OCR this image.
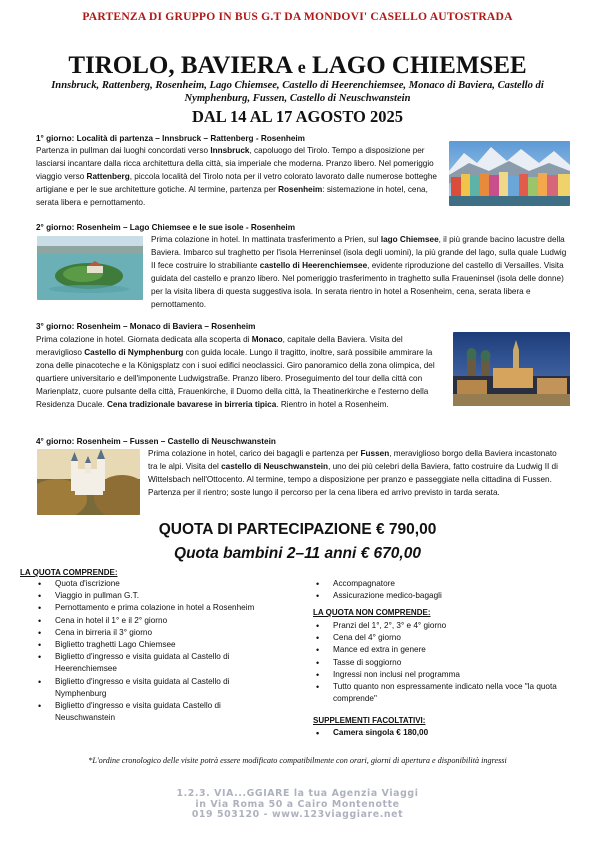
PARTENZA DI GRUPPO IN BUS G.T DA MONDOVI' CASELLO AUTOSTRADA
TIROLO, BAVIERA e LAGO CHIEMSEE
Innsbruck, Rattenberg, Rosenheim, Lago Chiemsee, Castello di Heerenchiemsee, Monaco di Baviera, Castello di Nymphenburg, Fussen, Castello di Neuschwanstein
DAL 14 AL 17 AGOSTO 2025
1° giorno: Località di partenza – Innsbruck – Rattenberg - Rosenheim
Partenza in pullman dai luoghi concordati verso Innsbruck, capoluogo del Tirolo. Tempo a disposizione per lasciarsi incantare dalla ricca architettura della città, sia imperiale che moderna. Pranzo libero. Nel pomeriggio viaggio verso Rattenberg, piccola località del Tirolo nota per il vetro colorato lavorato dalle numerose botteghe artigiane e per le sue architetture gotiche. Al termine, partenza per Rosenheim: sistemazione in hotel, cena, serata libera e pernottamento.
2° giorno: Rosenheim – Lago Chiemsee e le sue isole - Rosenheim
Prima colazione in hotel. In mattinata trasferimento a Prien, sul lago Chiemsee, il più grande bacino lacustre della Baviera. Imbarco sul traghetto per l'isola Herreninsel (isola degli uomini), la più grande del lago, sulla quale Ludwig II fece costruire lo strabiliante castello di Heerenchiemsee, evidente riproduzione del castello di Versailles. Visita guidata del castello e pranzo libero. Nel pomeriggio trasferimento in traghetto sulla Fraueninsel (isola delle donne) per la visita libera di questa suggestiva isola. In serata rientro in hotel a Rosenheim, cena, serata libera e pernottamento.
3° giorno: Rosenheim – Monaco di Baviera – Rosenheim
Prima colazione in hotel. Giornata dedicata alla scoperta di Monaco, capitale della Baviera. Visita del meraviglioso Castello di Nymphenburg con guida locale. Lungo il tragitto, inoltre, sarà possibile ammirare la zona delle pinacoteche e la Königsplatz con i suoi edifici neoclassici. Giro panoramico della zona olimpica, del quartiere universitario e dell'imponente Ludwigstraße. Pranzo libero. Proseguimento del tour della città con Marienplatz, cuore pulsante della città, Frauenkirche, il Duomo della città, la Theatinerkirche e l'esterno della Residenza Ducale. Cena tradizionale bavarese in birreria tipica. Rientro in hotel a Rosenheim.
4° giorno: Rosenheim – Fussen – Castello di Neuschwanstein
Prima colazione in hotel, carico dei bagagli e partenza per Fussen, meraviglioso borgo della Baviera incastonato tra le alpi. Visita del castello di Neuschwanstein, uno dei più celebri della Baviera, fatto costruire da Ludwig II di Wittelsbach nell'Ottocento. Al termine, tempo a disposizione per pranzo e passeggiate nella cittadina di Fussen. Partenza per il rientro; soste lungo il percorso per la cena libera ed arrivo previsto in tarda serata.
QUOTA DI PARTECIPAZIONE € 790,00
Quota bambini 2–11 anni € 670,00
LA QUOTA COMPRENDE:
• Quota d'iscrizione
• Viaggio in pullman G.T.
• Pernottamento e prima colazione in hotel a Rosenheim
• Cena in hotel il 1° e il 2° giorno
• Cena in birreria il 3° giorno
• Biglietto traghetti Lago Chiemsee
• Biglietto d'ingresso e visita guidata al Castello di Heerenchiemsee
• Biglietto d'ingresso e visita guidata al Castello di Nymphenburg
• Biglietto d'ingresso e visita guidata Castello di Neuschwanstein
• Accompagnatore
• Assicurazione medico-bagagli
LA QUOTA NON COMPRENDE:
• Pranzi del 1°, 2°, 3° e 4° giorno
• Cena del 4° giorno
• Mance ed extra in genere
• Tasse di soggiorno
• Ingressi non inclusi nel programma
• Tutto quanto non espressamente indicato nella voce "la quota comprende"
SUPPLEMENTI FACOLTATIVI:
• Camera singola € 180,00
*L'ordine cronologico delle visite potrà essere modificato compatibilmente con orari, giorni di apertura e disponibilità ingressi
1.2.3. VIA...GGIARE la tua Agenzia Viaggi
in Via Roma 50 a Cairo Montenotte
019 503120 - www.123viaggiare.net
